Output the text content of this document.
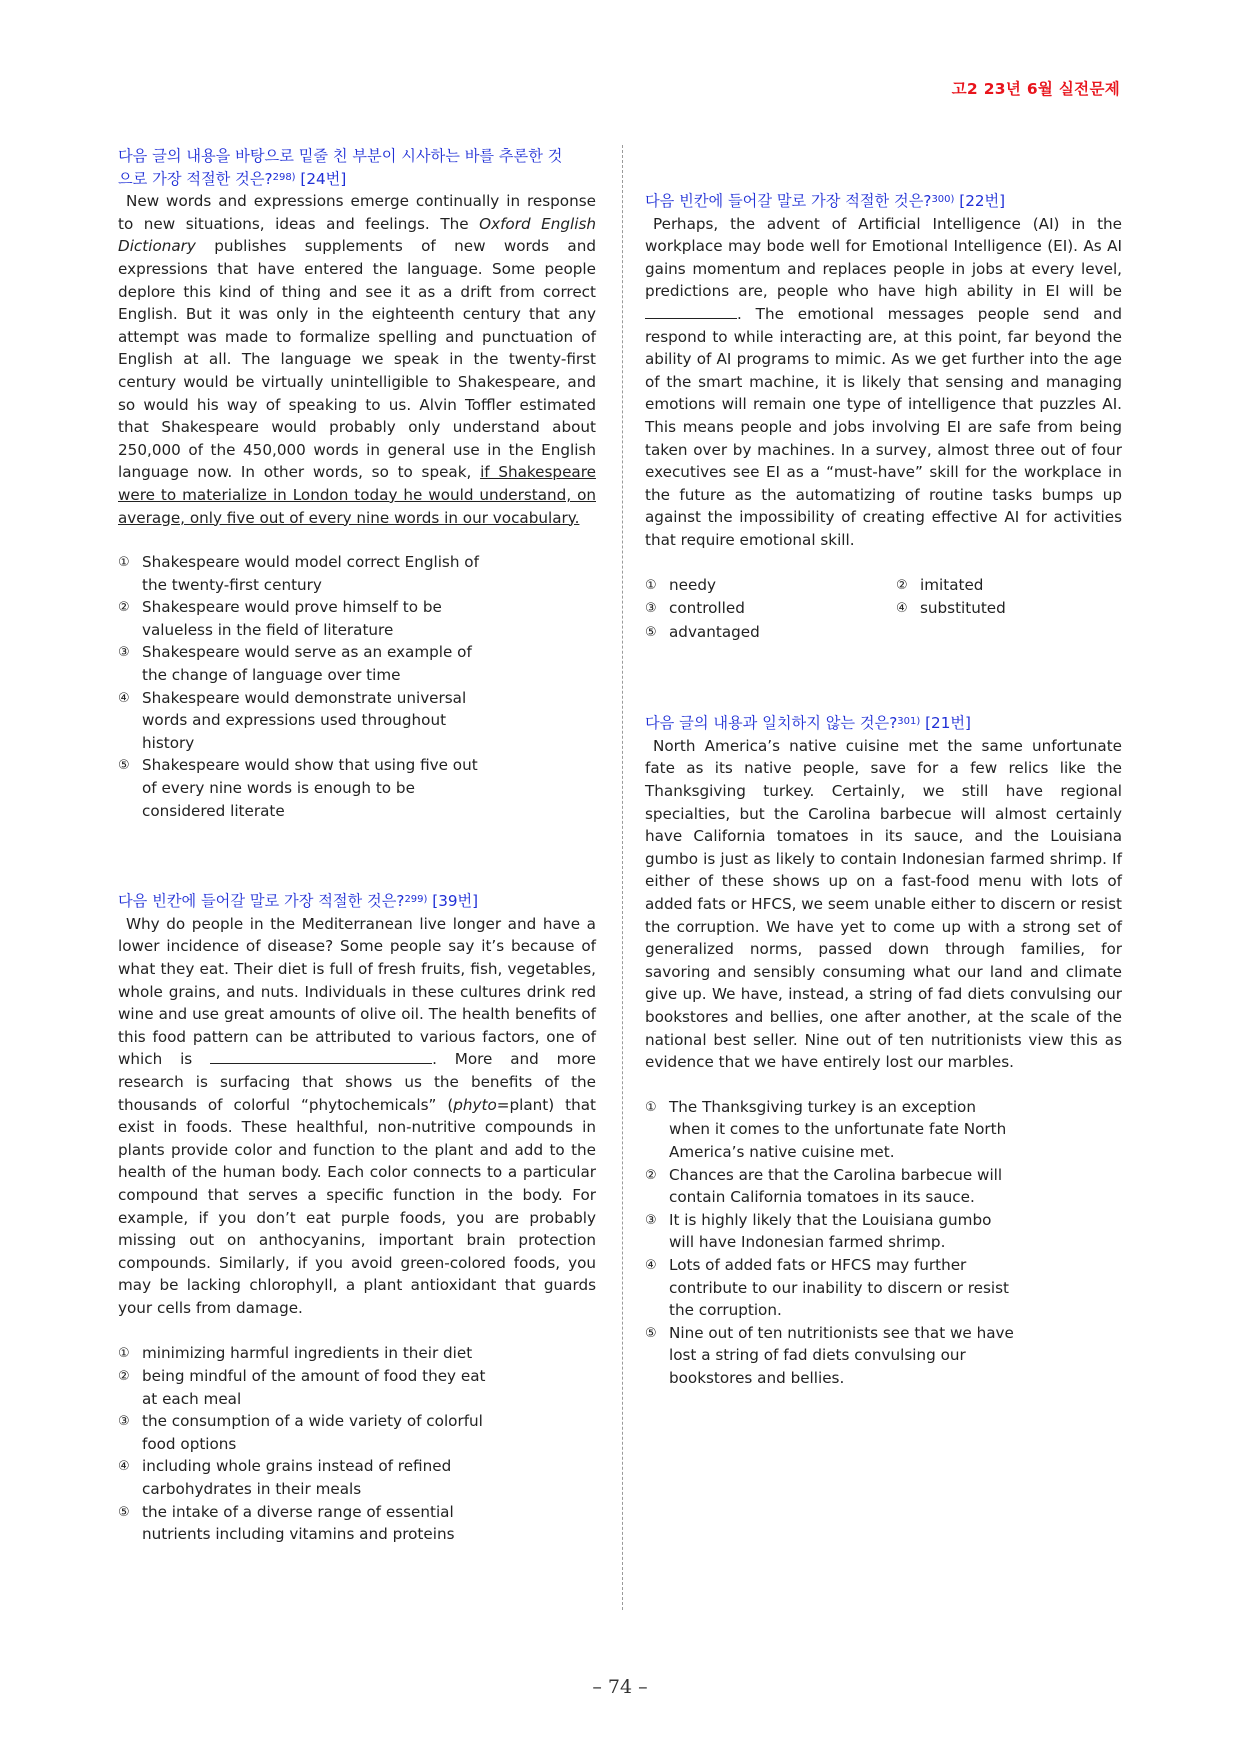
고2 23년 6월 실전문제
다음 글의 내용을 바탕으로 밑줄 친 부분이 시사하는 바를 추론한 것
으로 가장 적절한 것은?$^{298)}$ [24번]
New words and expressions emerge continually in response to new situations, ideas and feelings. The Oxford English Dictionary publishes supplements of new words and expressions that have entered the language. Some people deplore this kind of thing and see it as a drift from correct English. But it was only in the eighteenth century that any attempt was made to formalize spelling and punctuation of English at all. The language we speak in the twenty-first century would be virtually unintelligible to Shakespeare, and so would his way of speaking to us. Alvin Toffler estimated that Shakespeare would probably only understand about 250,000 of the 450,000 words in general use in the English language now. In other words, so to speak, if Shakespeare were to materialize in London today he would understand, on average, only five out of every nine words in our vocabulary.
① Shakespeare would model correct English of
the twenty-first century
② Shakespeare would prove himself to be
valueless in the field of literature
③ Shakespeare would serve as an example of
the change of language over time
④ Shakespeare would demonstrate universal
words and expressions used throughout
history
⑤ Shakespeare would show that using five out
of every nine words is enough to be
considered literate
다음 빈칸에 들어갈 말로 가장 적절한 것은?$^{299)}$ [39번]
Why do people in the Mediterranean live longer and have a lower incidence of disease? Some people say it’s because of what they eat. Their diet is full of fresh fruits, fish, vegetables, whole grains, and nuts. Individuals in these cultures drink red wine and use great amounts of olive oil. The health benefits of this food pattern can be attributed to various factors, one of which is	. More and more research is surfacing that shows us the benefits of the thousands of colorful “phytochemicals” (phyto=plant) that exist in foods. These healthful, non-nutritive compounds in plants provide color and function to the plant and add to the health of the human body. Each color connects to a particular compound that serves a specific function in the body. For example, if you don’t eat purple foods, you are probably missing out on anthocyanins, important brain protection compounds. Similarly, if you avoid green-colored foods, you may be lacking chlorophyll, a plant antioxidant that guards your cells from damage.
① minimizing harmful ingredients in their diet
② being mindful of the amount of food they eat
at each meal
③ the consumption of a wide variety of colorful
food options
④ including whole grains instead of refined
carbohydrates in their meals
⑤ the intake of a diverse range of essential
nutrients including vitamins and proteins
다음 빈칸에 들어갈 말로 가장 적절한 것은?$^{300)}$ [22번]
Perhaps, the advent of Artificial Intelligence (AI) in the workplace may bode well for Emotional Intelligence (EI). As AI gains momentum and replaces people in jobs at every level, predictions are, people who have high ability in EI will be . The emotional messages people send and respond to while interacting are, at this point, far beyond the ability of AI programs to mimic. As we get further into the age of the smart machine, it is likely that sensing and managing emotions will remain one type of intelligence that puzzles AI. This means people and jobs involving EI are safe from being taken over by machines. In a survey, almost three out of four executives see EI as a “must-have” skill for the workplace in the future as the automatizing of routine tasks bumps up against the impossibility of creating effective AI for activities that require emotional skill.
① needy	② imitated
③ controlled	④ substituted
⑤ advantaged
다음 글의 내용과 일치하지 않는 것은?$^{301)}$ [21번]
North America’s native cuisine met the same unfortunate fate as its native people, save for a few relics like the Thanksgiving turkey. Certainly, we still have regional specialties, but the Carolina barbecue will almost certainly have California tomatoes in its sauce, and the Louisiana gumbo is just as likely to contain Indonesian farmed shrimp. If either of these shows up on a fast-food menu with lots of added fats or HFCS, we seem unable either to discern or resist the corruption. We have yet to come up with a strong set of generalized norms, passed down through families, for savoring and sensibly consuming what our land and climate give up. We have, instead, a string of fad diets convulsing our bookstores and bellies, one after another, at the scale of the national best seller. Nine out of ten nutritionists view this as evidence that we have entirely lost our marbles.
① The Thanksgiving turkey is an exception
when it comes to the unfortunate fate North
America’s native cuisine met.
② Chances are that the Carolina barbecue will
contain California tomatoes in its sauce.
③ It is highly likely that the Louisiana gumbo
will have Indonesian farmed shrimp.
④ Lots of added fats or HFCS may further
contribute to our inability to discern or resist
the corruption.
⑤ Nine out of ten nutritionists see that we have
lost a string of fad diets convulsing our
bookstores and bellies.
– 74 –
